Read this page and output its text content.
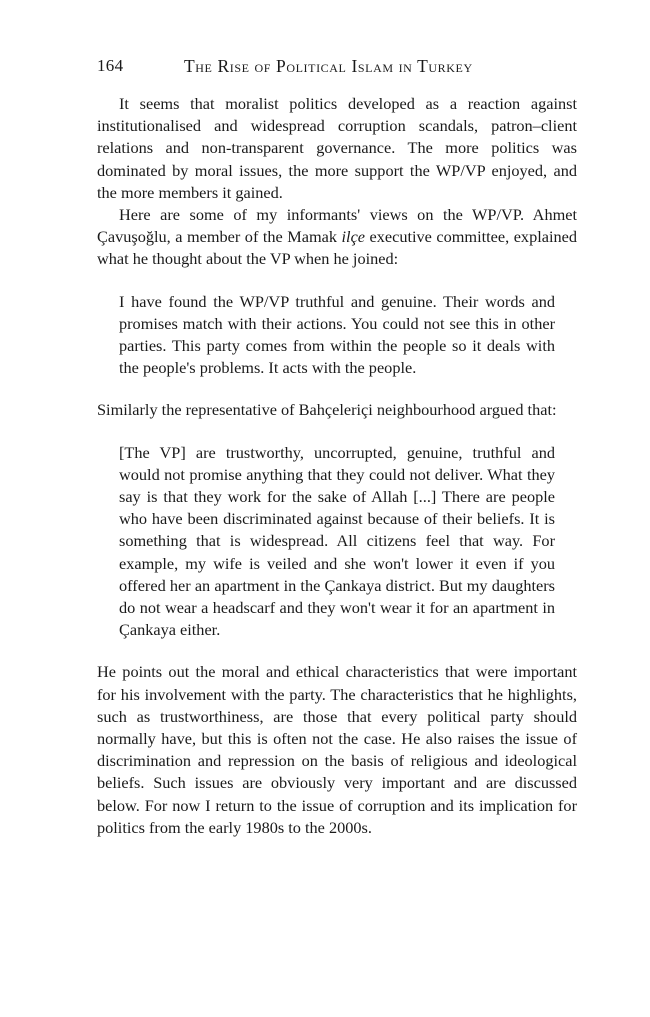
164	The Rise of Political Islam in Turkey

It seems that moralist politics developed as a reaction against institutionalised and widespread corruption scandals, patron–client relations and non-transparent governance. The more politics was dominated by moral issues, the more support the WP/VP enjoyed, and the more members it gained.

Here are some of my informants' views on the WP/VP. Ahmet Çavuşoğlu, a member of the Mamak ilçe executive committee, explained what he thought about the VP when he joined:

I have found the WP/VP truthful and genuine. Their words and promises match with their actions. You could not see this in other parties. This party comes from within the people so it deals with the people's problems. It acts with the people.

Similarly the representative of Bahçelerіçi neighbourhood argued that:

[The VP] are trustworthy, uncorrupted, genuine, truthful and would not promise anything that they could not deliver. What they say is that they work for the sake of Allah [...] There are people who have been discriminated against because of their beliefs. It is something that is widespread. All citizens feel that way. For example, my wife is veiled and she won't lower it even if you offered her an apartment in the Çankaya district. But my daughters do not wear a headscarf and they won't wear it for an apartment in Çankaya either.

He points out the moral and ethical characteristics that were important for his involvement with the party. The characteristics that he highlights, such as trustworthiness, are those that every political party should normally have, but this is often not the case. He also raises the issue of discrimination and repression on the basis of religious and ideological beliefs. Such issues are obviously very important and are discussed below. For now I return to the issue of corruption and its implication for politics from the early 1980s to the 2000s.
